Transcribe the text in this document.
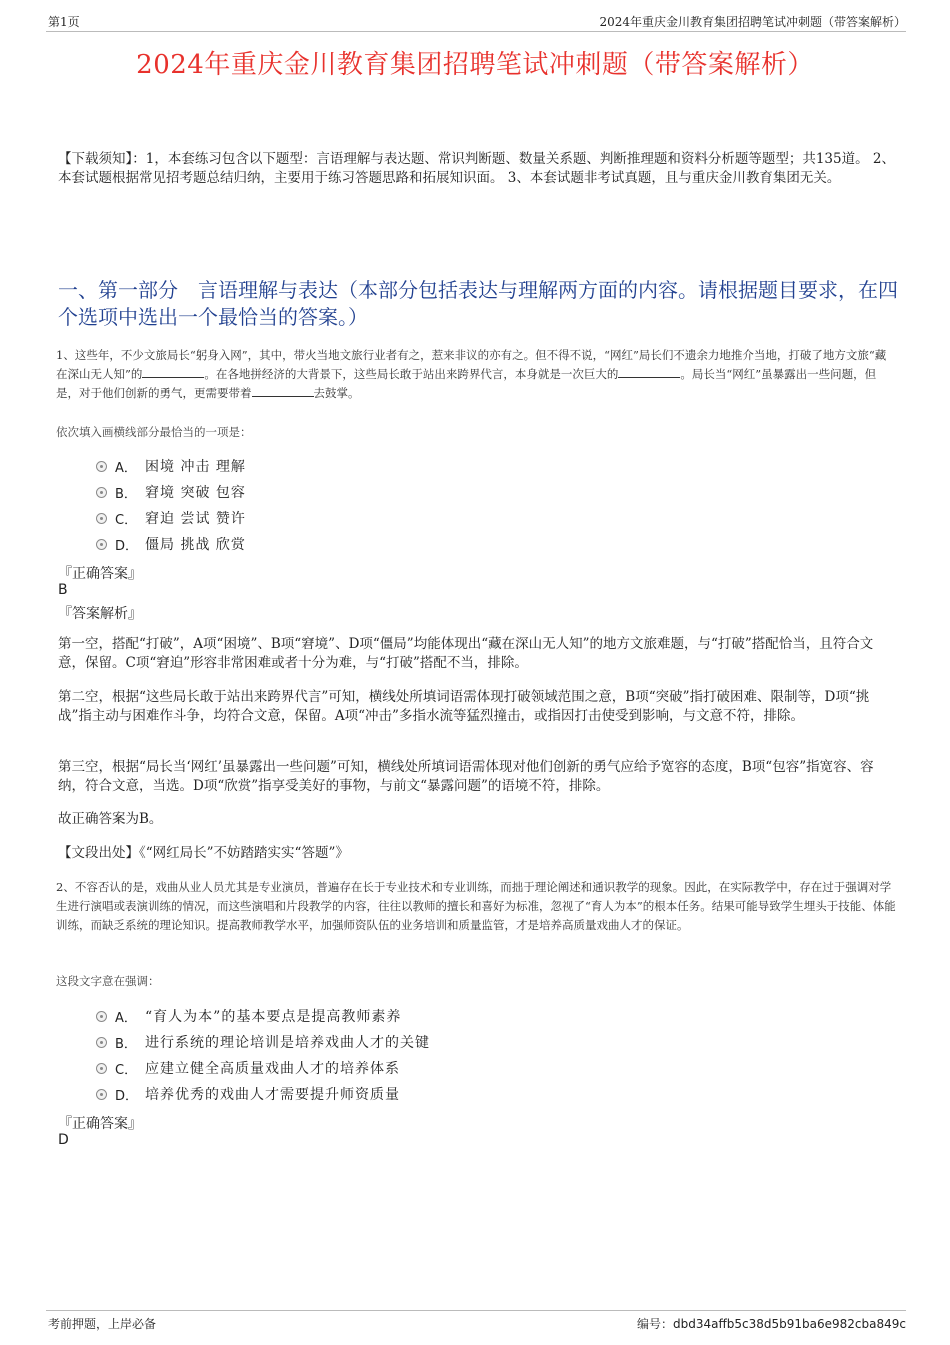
第1页	2024年重庆金川教育集团招聘笔试冲刺题（带答案解析）
2024年重庆金川教育集团招聘笔试冲刺题（带答案解析）
【下载须知】：1，本套练习包含以下题型：言语理解与表达题、常识判断题、数量关系题、判断推理题和资料分析题等题型；共135道。 2、本套试题根据常见招考题总结归纳，主要用于练习答题思路和拓展知识面。 3、本套试题非考试真题，且与重庆金川教育集团无关。
一、第一部分　言语理解与表达（本部分包括表达与理解两方面的内容。请根据题目要求，在四个选项中选出一个最恰当的答案。）
1、这些年，不少文旅局长“躬身入网”，其中，带火当地文旅行业者有之，惹来非议的亦有之。但不得不说，“网红”局长们不遗余力地推介当地，打破了地方文旅“藏在深山无人知”的	。在各地拼经济的大背景下，这些局长敢于站出来跨界代言，本身就是一次巨大的	。局长当“网红”虽暴露出一些问题，但是，对于他们创新的勇气，更需要带着	去鼓掌。
依次填入画横线部分最恰当的一项是：
A． 困境 冲击 理解
B． 窘境 突破 包容
C． 窘迫 尝试 赞许
D． 僵局 挑战 欣赏
『正确答案』
B
『答案解析』
第一空，搭配“打破”，A项“困境”、B项“窘境”、D项“僵局”均能体现出“藏在深山无人知”的地方文旅难题，与“打破”搭配恰当，且符合文意，保留。C项“窘迫”形容非常困难或者十分为难，与“打破”搭配不当，排除。
第二空，根据“这些局长敢于站出来跨界代言”可知，横线处所填词语需体现打破领域范围之意，B项“突破”指打破困难、限制等，D项“挑战”指主动与困难作斗争，均符合文意，保留。A项“冲击”多指水流等猛烈撞击，或指因打击使受到影响，与文意不符，排除。
第三空，根据“局长当‘网红’虽暴露出一些问题”可知，横线处所填词语需体现对他们创新的勇气应给予宽容的态度，B项“包容”指宽容、容纳，符合文意，当选。D项“欣赏”指享受美好的事物，与前文“暴露问题”的语境不符，排除。
故正确答案为B。
【文段出处】《“网红局长”不妨踏踏实实“答题”》
2、不容否认的是，戏曲从业人员尤其是专业演员，普遍存在长于专业技术和专业训练，而拙于理论阐述和通识教学的现象。因此，在实际教学中，存在过于强调对学生进行演唱或表演训练的情况，而这些演唱和片段教学的内容，往往以教师的擅长和喜好为标准，忽视了“育人为本”的根本任务。结果可能导致学生埋头于技能、体能训练，而缺乏系统的理论知识。提高教师教学水平，加强师资队伍的业务培训和质量监管，才是培养高质量戏曲人才的保证。
这段文字意在强调：
A． “育人为本”的基本要点是提高教师素养
B． 进行系统的理论培训是培养戏曲人才的关键
C． 应建立健全高质量戏曲人才的培养体系
D． 培养优秀的戏曲人才需要提升师资质量
『正确答案』
D
考前押题，上岸必备	编号：dbd34affb5c38d5b91ba6e982cba849c
